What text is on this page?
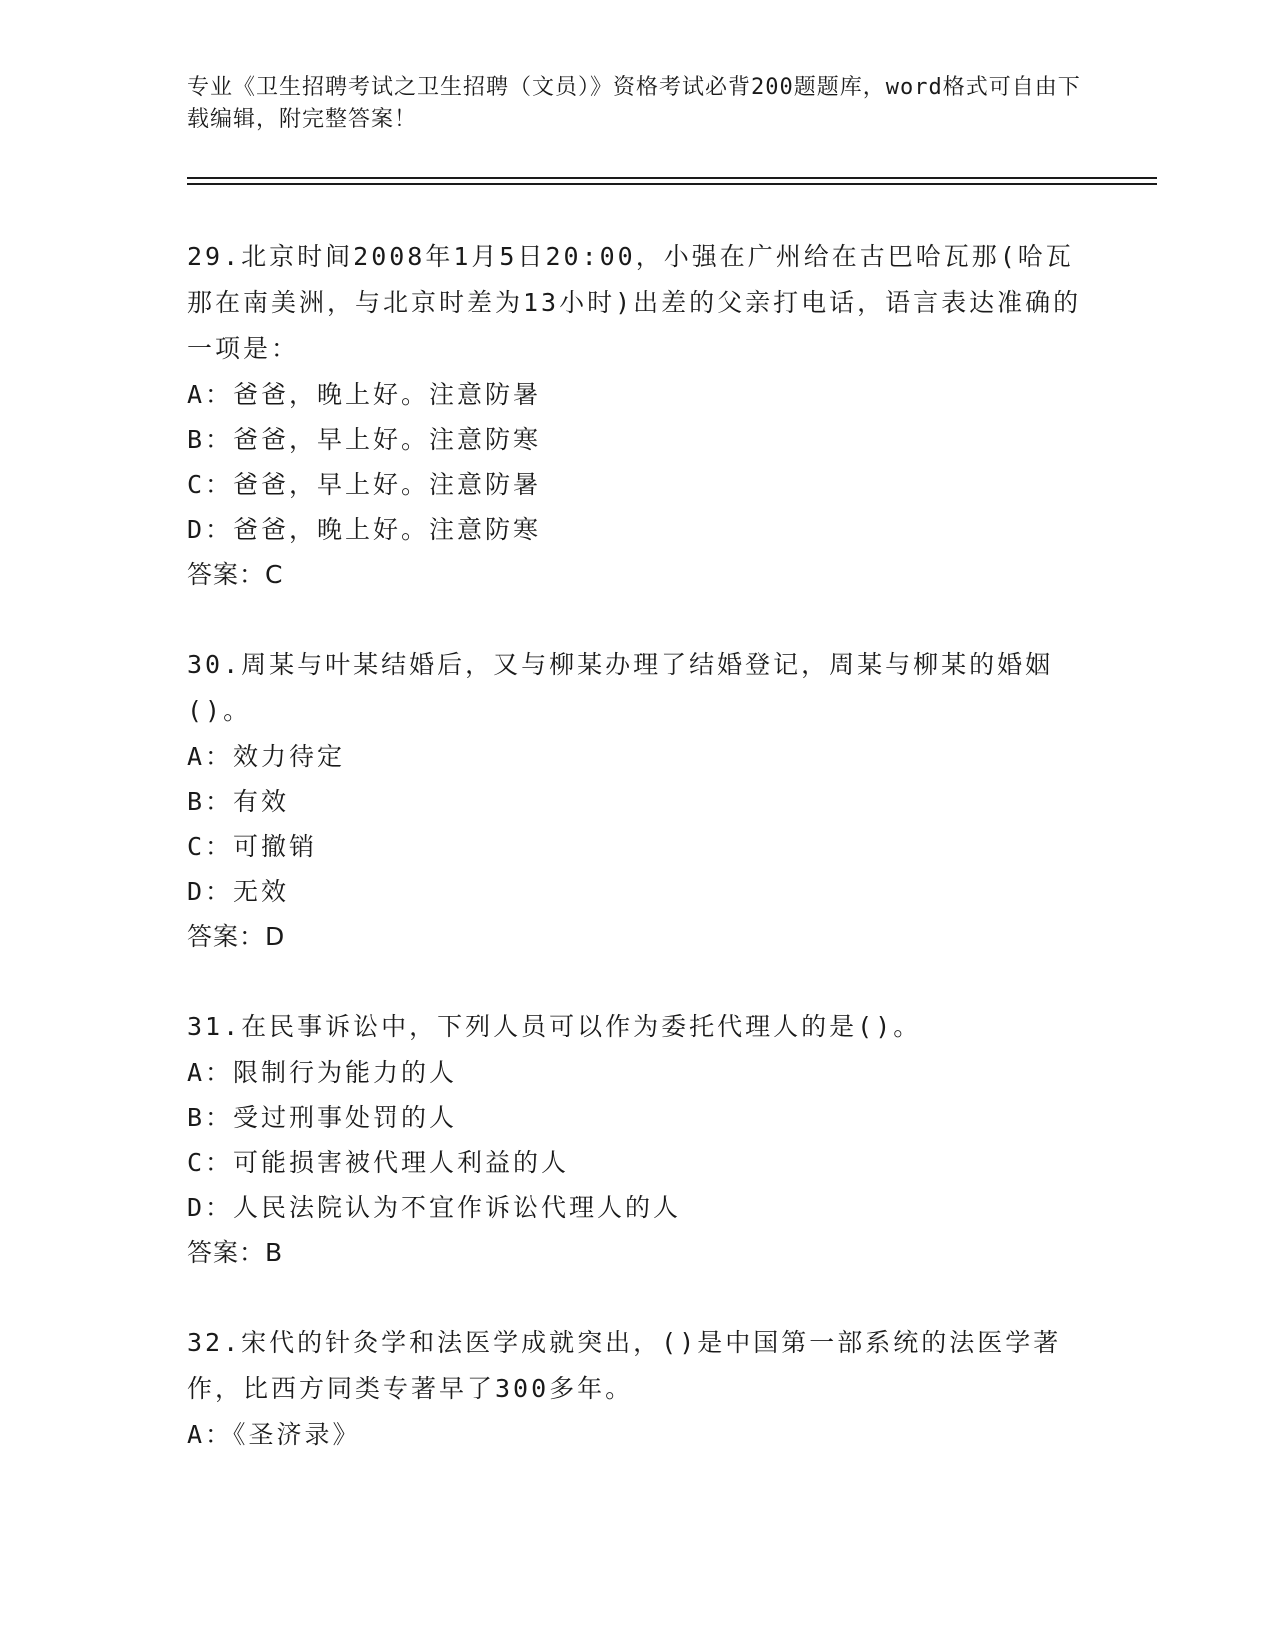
专业《卫生招聘考试之卫生招聘（文员）》资格考试必背200题题库，word格式可自由下载编辑，附完整答案！

29.北京时间2008年1月5日20:00，小强在广州给在古巴哈瓦那(哈瓦那在南美洲，与北京时差为13小时)出差的父亲打电话，语言表达准确的一项是：

A：爸爸，晚上好。注意防暑
B：爸爸，早上好。注意防寒
C：爸爸，早上好。注意防暑
D：爸爸，晚上好。注意防寒
答案：C

30.周某与叶某结婚后，又与柳某办理了结婚登记，周某与柳某的婚姻()。

A：效力待定
B：有效
C：可撤销
D：无效
答案：D

31.在民事诉讼中，下列人员可以作为委托代理人的是()。

A：限制行为能力的人
B：受过刑事处罚的人
C：可能损害被代理人利益的人
D：人民法院认为不宜作诉讼代理人的人
答案：B

32.宋代的针灸学和法医学成就突出，()是中国第一部系统的法医学著作，比西方同类专著早了300多年。

A：《圣济录》
